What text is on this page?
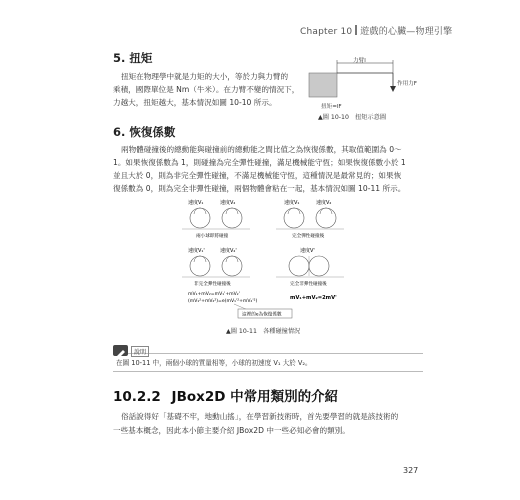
Chapter 10 遊戲的心臟—物理引擎
5. 扭矩
扭矩在物理學中就是力矩的大小，等於力與力臂的
乘積，國際單位是 Nm（牛米）。在力臂不變的情況下，
力越大，扭矩越大，基本情況如圖 10-10 所示。
力臂l
作用力F
扭矩=lF
▲圖 10-10　扭矩示意圖
6. 恢復係數
兩物體碰撞後的總動能與碰撞前的總動能之間比值之為恢復係數，其取值範圍為 0～
1。如果恢復係數為 1，則碰撞為完全彈性碰撞，滿足機械能守恆；如果恢復係數小於 1
並且大於 0，則為非完全彈性碰撞，不滿足機械能守恆，這種情況是最常見的；如果恢
復係數為 0，則為完全非彈性碰撞，兩個物體會粘在一起，基本情況如圖 10-11 所示。
速度V₁	速度V₂
兩小球即將碰撞
速度V₁	速度V₂
完全彈性碰撞後
速度V₁'	速度V₂'
非完全彈性碰撞後
速度V'
完全非彈性碰撞後
mV₁+mV₂=mV₁'+mV₂'
(mV₁²+mV₂²)=e(mV₁'²+mV₂'²)
mV₁+mV₂=2mV'
這裡的e為恢復係數
▲圖 10-11　各種碰撞情況
說明
在圖 10-11 中，兩個小球的質量相等，小球的初速度 V₁ 大於 V₂。
10.2.2 JBox2D 中常用類別的介紹
俗話說得好「基礎不牢，地動山搖」，在學習新技術時，首先要學習的就是該技術的
一些基本概念，因此本小節主要介紹 JBox2D 中一些必知必會的類別。
327
